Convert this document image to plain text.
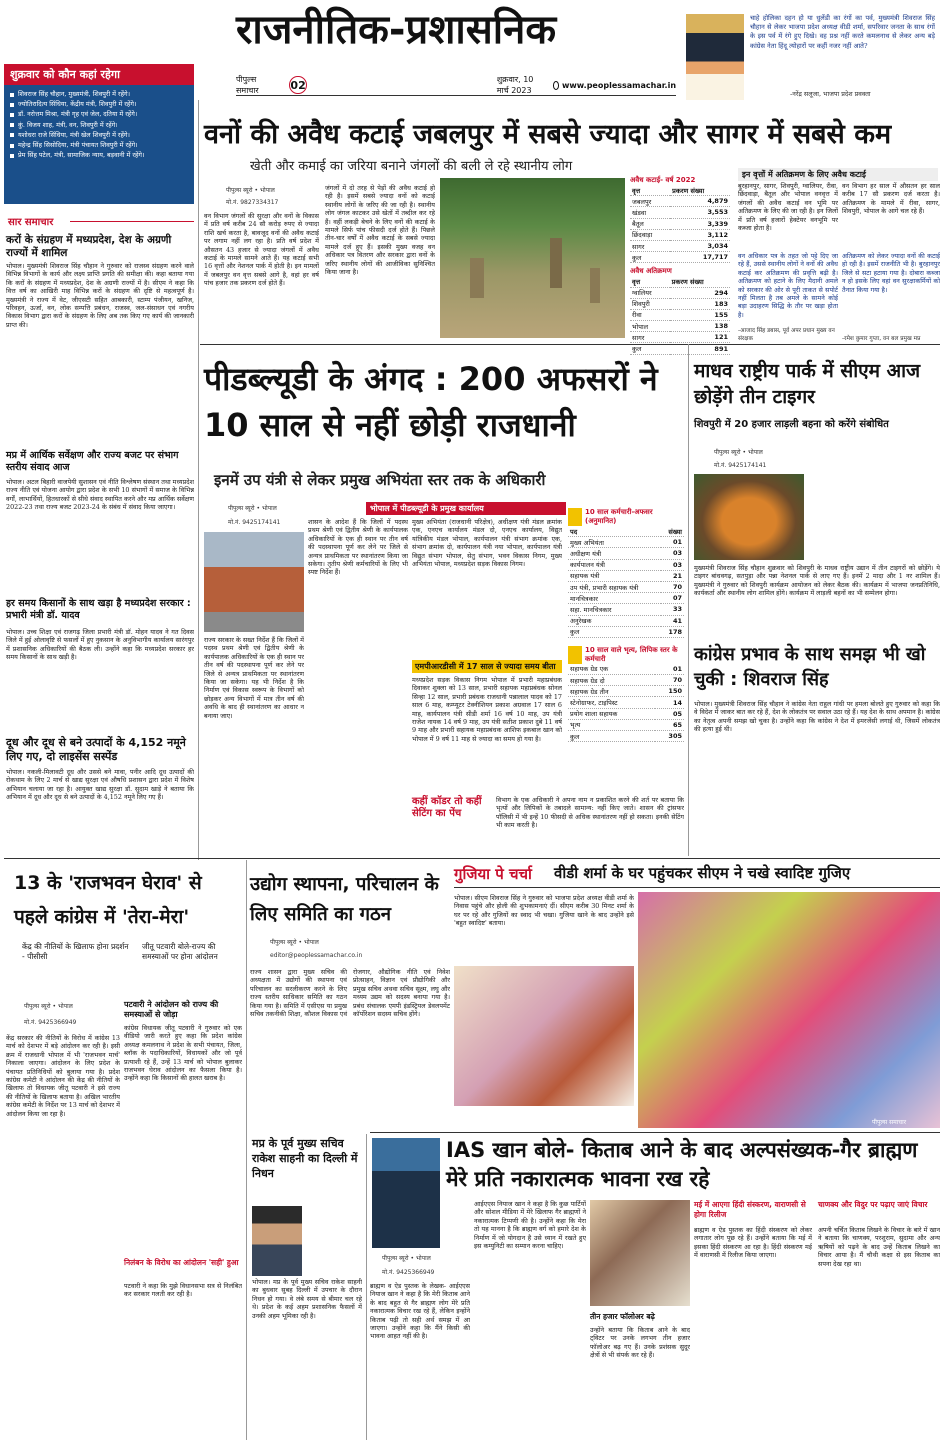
राजनीतिक-प्रशासनिक
पीपुल्स समाचार	02	शुक्रवार, 10 मार्च 2023
www.peoplessamachar.in
चाहे होलिका दहन हो या धुलेंडी का रंगों का पर्व, मुख्यमंत्री शिवराज सिंह चौहान से लेकर भाजपा प्रदेश अध्यक्ष वीडी शर्मा, सपरिवार जनता के साथ रंगों के इस पर्व में रंगे हुए दिखे। वह प्रश्न नहीं करते कमलनाथ से लेकर अन्य बड़े कांग्रेस नेता हिंदू त्योहारों पर कहीं नजर नहीं आते?
-नरेंद्र सलूजा, भाजपा प्रदेश प्रवक्ता
शुक्रवार को कौन कहां रहेगा
शिवराज सिंह चौहान, मुख्यमंत्री, शिवपुरी में रहेंगे।
ज्योतिरादित्य सिंधिया, केंद्रीय मंत्री, शिवपुरी में रहेंगे।
डॉ. नरोत्तम मिश्रा, मंत्री गृह एवं जेल, दतिया में रहेंगे।
कुं. विजय शाह, मंत्री, वन, शिवपुरी में रहेंगे।
यशोधरा राजे सिंधिया, मंत्री खेल शिवपुरी में रहेंगे।
महेन्द्र सिंह सिसोदिया, मंत्री पंचायत शिवपुरी में रहेंगे।
प्रेम सिंह पटेल, मंत्री, सामाजिक न्याय, बड़वानी में रहेंगे।
सार समाचार
करों के संग्रहण में मध्यप्रदेश, देश के अग्रणी राज्यों में शामिल
भोपाल। मुख्यमंत्री शिवराज सिंह चौहान ने गुरुवार को राजस्व संग्रहण करने वाले विभिन्न विभागों के कार्य और लक्ष्य प्राप्ति प्रगति की समीक्षा की। कहा बताया गया कि करों के संग्रहण में मध्यप्रदेश, देश के अग्रणी राज्यों में है। सीएम ने कहा कि वित्त वर्ष का आखिरी माह विभिन्न करों के संग्रहण की दृष्टि से महत्वपूर्ण है। मुख्यमंत्री ने राज्य में वेट, जीएसटी सहित आबकारी, स्टाम्प पंजीयन, खनिज, परिवहन, ऊर्जा, वन, लोक सम्पत्ति प्रबंधन, राजस्व, जल-संसाधन एवं नगरीय विकास विभाग द्वारा करों के संग्रहण के लिए अब तक किए गए कार्य की जानकारी प्राप्त की।
मप्र में आर्थिक सर्वेक्षण और राज्य बजट पर संभाग स्तरीय संवाद आज
भोपाल। अटल बिहारी वाजपेयी सुशासन एवं नीति विश्लेषण संस्थान तथा मध्यप्रदेश राज्य नीति एवं योजना आयोग द्वारा प्रदेश के सभी 10 संभागों में समाज के विभिन्न वर्गों, लाभार्थियों, हितधारकों से सीधे संवाद स्थापित करने और मप्र आर्थिक सर्वेक्षण 2022-23 तथा राज्य बजट 2023-24 के संबंध में संवाद किया जाएगा।
हर समय किसानों के साथ खड़ा है मध्यप्रदेश सरकार : प्रभारी मंत्री डॉ. यादव
भोपाल। उच्च शिक्षा एवं राजगढ़ जिला प्रभारी मंत्री डॉ. मोहन यादव ने गत दिवस जिले में हुई ओलावृष्टि से फसलों में हुए नुकसान के अनुविभागीय कार्यालय सारंगपुर में प्रशासनिक अधिकारियों की बैठक ली। उन्होंने कहा कि मध्यप्रदेश सरकार हर समय किसानों के साथ खड़ी है।
दूध और दूध से बने उत्पादों के 4,152 नमूने लिए गए, दो लाइसेंस सस्पेंड
भोपाल। नकली-मिलावटी दूध और उससे बने मावा, पनीर आदि दूध उत्पादों की रोकथाम के लिए 2 मार्च से खाद्य सुरक्षा एवं औषधि प्रशासन द्वारा प्रदेश में विशेष अभियान चलाया जा रहा है। आयुक्त खाद्य सुरक्षा डॉ. सुदाम खाड़े ने बताया कि अभियान में दूध और दूध से बने उत्पादों के 4,152 नमूने लिए गए हैं।
वनों की अवैध कटाई जबलपुर में सबसे ज्यादा और सागर में सबसे कम
खेती और कमाई का जरिया बनाने जंगलों की बली ले रहे स्थानीय लोग
पीपुल्स ब्यूरो • भोपाल
मो.नं. 9827334317
वन विभाग जंगलों की सुरक्षा और वनों के विकास में प्रति वर्ष करीब 24 सौ करोड़ रुपए से ज्यादा राशि खर्च करता है, बावजूद वनों की अवैध कटाई पर लगाम नहीं लग रहा है। प्रति वर्ष प्रदेश में औसतन 43 हजार से ज्यादा जंगलों में अवैध कटाई के मामले सामने आते हैं। यह कटाई सभी 16 वृत्तों और नेशनल पार्क में होती है। इन मामलों में जबलपुर वन वृत्त सबसे आगे है, वहां हर वर्ष पांच हजार तक प्रकरण दर्ज होते हैं।
जंगलों में दो तरह से पेड़ों की अवैध कटाई हो रही है। इसमें सबसे ज्यादा वनों को कटाई स्थानीय लोगों के जरिए की जा रही है। स्थानीय लोग जंगल काटकर उसे खेतों में तब्दील कर रहे हैं। वहीं लकड़ी बेचने के लिए वनों की कटाई के मामले सिर्फ पांच फीसदी दर्ज होते हैं। पिछले तीन-चार वर्षों में अवैध कटाई के सबसे ज्यादा मामले दर्ज हुए हैं। इसकी मुख्य वजह वन अधिकार पत्र वितरण और सरकार द्वारा वनों के जरिए स्थानीय लोगों की आजीविका सुनिश्चित किया जाना है।
अवैध कटाई- वर्ष 2022
वृत्त	प्रकरण संख्या
जबलपुर	4,879
खंडवा	3,553
बैतूल	3,339
छिंदवाड़ा	3,112
सागर	3,034
कुल	17,717
अवैध अतिक्रमण
वृत्त	प्रकरण संख्या
ग्वालियर	294
शिवपुरी	183
रीवा	155
भोपाल	138
सागर	121
कुल	891
इन वृत्तों में अतिक्रमण के लिए अवैध कटाई
बुरहानपुर, सागर, शिवपुरी, ग्वालियर, रीवा, छिंदवाड़ा, बैतूल और भोपाल वनवृत्त में जंगलों की अवैध कटाई वन भूमि पर अतिक्रमण के लिए की जा रही है। इन जिलों में प्रति वर्ष हजारों हेक्टेयर वनभूमि पर कब्जा होता है।
वन विभाग हर साल में औसतन हर साल करीब 17 सौ प्रकरण दर्ज करता है। अतिक्रमण के मामले में रीवा, सागर, शिवपुरी, भोपाल के आगे चल रहे हैं।
वन अधिकार पत्र के तहत जो पट्टे दिए जा रहे हैं, उससे स्थानीय लोगों ने वनों की अवैध कटाई कर अतिक्रमण की प्रवृत्ति बढ़ी है। अतिक्रमण को हटाने के लिए मैदानी अमले को सरकार की ओर से पूरी ताकत से सपोर्ट नहीं मिलता है तब अमले के सामने कोई बड़ा उदाहरण सिद्धि के तौर पर खड़ा होता है।
-आजाद सिंह डबास, पूर्व अपर प्रधान मुख्य वन संरक्षक
अतिक्रमण को लेकर ज्यादा वनों की कटाई हो रही है। इसमें राजनीति भी है। बुरहानपुर जिले से सटा हटाया गया है। दोबारा कब्जा न हो इसके लिए वहां वन सुरक्षाकर्मियों को तैनात किया गया है।
-रमेश कुमार गुप्ता, वन बल प्रमुख मप्र
पीडब्ल्यूडी के अंगद : 200 अफसरों ने 10 साल से नहीं छोड़ी राजधानी
इनमें उप यंत्री से लेकर प्रमुख अभियंता स्तर तक के अधिकारी
पीपुल्स ब्यूरो • भोपाल
मो.नं. 9425174141
राज्य सरकार के सख्त निर्देश हैं कि जिलों में पदस्थ प्रथम श्रेणी एवं द्वितीय श्रेणी के कार्यपालक अधिकारियों के एक ही स्थान पर तीन वर्ष की पदस्थापना पूर्ण कर लेने पर जिले से अन्यत्र प्राथमिकता पर स्थानांतरण किया जा सकेगा। यह भी निर्देश है कि निर्माण एवं विकास स्वरूप के विभागों को छोड़कर अन्य विभागों में मात्र तीन वर्ष की अवधि के बाद ही स्थानांतरण का आधार न बनाया जाए।
शासन के आदेश हैं कि जिलों में पदस्थ प्रथम श्रेणी एवं द्वितीय श्रेणी के कार्यपालक अधिकारियों के एक ही स्थान पर तीन वर्ष की पदस्थापना पूर्ण कर लेने पर जिले से अन्यत्र प्राथमिकता पर स्थानांतरण किया जा सकेगा। तृतीय श्रेणी कर्मचारियों के लिए भी स्पष्ट निर्देश हैं।
भोपाल में पीडब्ल्यूडी के प्रमुख कार्यालय
मुख्य अभियंता (राजधानी परिक्षेत्र), अधीक्षण यंत्री मंडल क्रमांक एक, एनएच कार्यालय मंडल दो, एनएच कार्यालय, विद्युत यांत्रिकीय मंडल भोपाल, कार्यपालन यंत्री संभाग क्रमांक एक, संभाग क्रमांक दो, कार्यपालन यंत्री नया भोपाल, कार्यपालन यंत्री विद्युत संभाग भोपाल, सेतु संभाग, भवन विकास निगम, मुख्य अभियंता भोपाल, मध्यप्रदेश सड़क विकास निगम।
10 साल कर्मचारी-अफसर (अनुमानित)
पद	संख्या
मुख्य अभियंता	01
अधीक्षण यंत्री	03
कार्यपालन यंत्री	03
सहायक यंत्री	21
उप यंत्री, प्रभारी सहायक यंत्री	70
मानचित्रकार	07
सहा. मानचित्रकार	33
अनुरेखक	41
कुल	178
10 साल वाले भृत्य, लिपिक स्तर के कर्मचारी
सहायक ग्रेड एक	01
सहायक ग्रेड दो	70
सहायक ग्रेड तीन	150
स्टेनोग्राफर, टाइपिस्ट	14
प्रयोग शाला सहायक	05
भृत्य	65
कुल	305
एमपीआरडीसी में 17 साल से ज्यादा समय बीता
मध्यप्रदेश सड़क विकास निगम भोपाल में प्रभारी महाप्रबंधक दिवाकर शुक्ला को 13 साल, प्रभारी सहायक महाप्रबंधक सोनल सिन्हा 12 साल, प्रभारी प्रबंधक राजधानी पन्नालाल यादव को 17 साल 6 माह, कम्प्यूटर टेक्नीशियन प्रकाश अग्रवाल 17 साल 6 माह, कार्यपालन यंत्री सीडी शर्मा 16 वर्ष 10 माह, उप यंत्री राजेश नायक 14 वर्ष 9 माह, उप यंत्री सतीश प्रकाश दुबे 11 वर्ष 9 माह और प्रभारी सहायक महाप्रबंधक आशिफ इकबाल खान को भोपाल में 9 वर्ष 11 माह से ज्यादा का समय हो गया है।
कहीं कॉडर तो कहीं सेटिंग का पेंच
विभाग के एक अधिकारी ने अपना नाम न प्रकाशित करने की शर्त पर बताया कि भृत्यों और लिपिकों के तबादले सामान्य: नहीं किए जाते। शासन की ट्रांसफर पॉलिसी में भी इन्हें 10 फीसदी से अधिक स्थानांतरण नहीं हो सकता। इनकी सेटिंग भी काम करती है।
माधव राष्ट्रीय पार्क में सीएम आज छोड़ेंगे तीन टाइगर
शिवपुरी में 20 हजार लाड़ली बहना को करेंगे संबोधित
पीपुल्स ब्यूरो • भोपाल
मो.नं. 9425174141
मुख्यमंत्री शिवराज सिंह चौहान शुक्रवार को शिवपुरी के माधव राष्ट्रीय उद्यान में तीन टाइगरों को छोड़ेंगे। ये टाइगर बांधवगढ़, सतपुड़ा और पन्ना नेशनल पार्क से लाए गए हैं। इनमें 2 मादा और 1 नर शामिल हैं। मुख्यमंत्री ने गुरुवार को शिवपुरी कार्यक्रम आयोजन को लेकर बैठक की। कार्यक्रम में भाजपा जनप्रतिनिधि, कार्यकर्ता और स्थानीय लोग शामिल होंगे। कार्यक्रम में लाड़ली बहनों का भी सम्मेलन होगा।
कांग्रेस प्रभाव के साथ समझ भी खो चुकी : शिवराज सिंह
भोपाल। मुख्यमंत्री शिवराज सिंह चौहान ने कांग्रेस नेता राहुल गांधी पर हमला बोलते हुए गुरुवार को कहा कि वे विदेश में जाकर बात कर रहे हैं, देश के लोकतंत्र पर सवाल उठा रहे हैं। यह देश के साथ अपमान है। कांग्रेस का नेतृत्व अपनी समझ खो चुका है। उन्होंने कहा कि कांग्रेस ने देश में इमरजेंसी लगाई थी, जिसमें लोकतंत्र की हत्या हुई थी।
13 के 'राजभवन घेराव' से पहले कांग्रेस में 'तेरा-मेरा'
केंद्र की नीतियों के खिलाफ होना प्रदर्शन - पीसीसी
जीतू पटवारी बोले-राज्य की समस्याओं पर होना आंदोलन
पीपुल्स ब्यूरो • भोपाल
मो.नं. 9425366949
केंद्र सरकार की नीतियों के विरोध में कांग्रेस 13 मार्च को देशभर में बड़े आंदोलन कर रही है। इसी क्रम में राजधानी भोपाल में भी 'राजभवन मार्च' निकाला जाएगा। आंदोलन के लिए प्रदेश के पंचायत प्रतिनिधियों को बुलाया गया है। प्रदेश कांग्रेस कमेटी ने आंदोलन की केंद्र की नीतियों के खिलाफ तो विधायक जीतू पटवारी ने इसे राज्य की नीतियों के खिलाफ बताया है। अखिल भारतीय कांग्रेस कमेटी के निर्देश पर 13 मार्च को देशभर में आंदोलन किया जा रहा है।
पटवारी ने आंदोलन को राज्य की समस्याओं से जोड़ा
कांग्रेस विधायक जीतू पटवारी ने गुरुवार को एक वीडियो जारी करते हुए कहा कि प्रदेश कांग्रेस अध्यक्ष कमलनाथ ने प्रदेश के सभी पंचायत, जिला, ब्लॉक के पदाधिकारियों, विधायकों और जो पूर्व प्रत्याशी रहे हैं, उन्हें 13 मार्च को भोपाल बुलाकर राजभवन घेराव आंदोलन का फैसला किया है। उन्होंने कहा कि किसानों की हालत खराब है।
निलंबन के विरोध का आंदोलन 'सही' हुआ
पटवारी ने कहा कि मुझे विधानसभा सत्र से निलंबित कर सरकार गलती कर रही है।
उद्योग स्थापना, परिचालन के लिए समिति का गठन
पीपुल्स ब्यूरो • भोपाल
editor@peoplessamachar.co.in
राज्य शासन द्वारा मुख्य सचिव की अध्यक्षता में उद्योगों की स्थापना एवं परिचालन का सरलीकरण करने के लिए राज्य स्तरीय साधिकार समिति का गठन किया गया है। समिति में एसीएस या प्रमुख सचिव तकनीकी शिक्षा, कौशल विकास एवं रोजगार, औद्योगिक नीति एवं निवेश प्रोत्साहन, विज्ञान एवं प्रौद्योगिकी और प्रमुख सचिव अथवा सचिव सूक्ष्म, लघु और मध्यम उद्यम को सदस्य बनाया गया है। प्रबंध संचालक एमपी इंडस्ट्रियल डेवलपमेंट कॉर्पोरेशन सदस्य सचिव होंगे।
मप्र के पूर्व मुख्य सचिव राकेश साहनी का दिल्ली में निधन
भोपाल। मप्र के पूर्व मुख्य सचिव राकेश साहनी का बुधवार सुबह दिल्ली में उपचार के दौरान निधन हो गया। वे लंबे समय से बीमार चल रहे थे। प्रदेश के कई अहम प्रशासनिक फैसलों में उनकी अहम भूमिका रही है।
गुजिया पे चर्चा वीडी शर्मा के घर पहुंचकर सीएम ने चखे स्वादिष्ट गुजिए
भोपाल। सीएम शिवराज सिंह ने गुरुवार को भाजपा प्रदेश अध्यक्ष वीडी शर्मा के निवास पहुंचे और होली की शुभकामनाएं दीं। सीएम करीब 30 मिनट शर्मा के घर पर रहे और गुजियों का स्वाद भी चखा। गुजिया खाने के बाद उन्होंने इसे 'बहुत स्वादिष्ट' बताया।
पीपुल्स समाचार
IAS खान बोले- किताब आने के बाद अल्पसंख्यक-गैर ब्राह्मण मेरे प्रति नकारात्मक भावना रख रहे
पीपुल्स ब्यूरो • भोपाल
मो.नं. 9425366949
ब्राह्मण व ऐड पुस्तक के लेखक- आईएएस नियाज खान ने कहा है कि मेरी किताब आने के बाद बहुत से गैर ब्राह्मण लोग मेरे प्रति नकारात्मक विचार रख रहे हैं, लेकिन इन्होंने किताब पढ़ी तो सही अर्थ समझ में आ जाएगा। उन्होंने कहा कि मैंने किसी की भावना आहत नहीं की है।
आईएएस नियाज खान ने कहा है कि कुछ पार्टियों और सोशल मीडिया में मेरे खिलाफ गैर ब्राह्मणों ने नकारात्मक टिप्पणी की है। उन्होंने कहा कि मेरा तो यह मानना है कि ब्राह्मण वर्ग को हमारे देश के निर्माण में जो योगदान है उसे ध्यान में रखते हुए इस कम्युनिटी का सम्मान करना चाहिए।
तीन हजार फॉलोअर बढ़े
उन्होंने बताया कि किताब आने के बाद ट्विटर पर उनके लगभग तीन हजार फॉलोअर बढ़ गए हैं। उनके प्रशंसक सुदूर क्षेत्रों से भी संपर्क कर रहे हैं।
मई में आएगा हिंदी संस्करण, वाराणसी से होगा रिलीज
ब्राह्मण व ऐड पुस्तक का हिंदी संस्करण को लेकर लगातार लोग पूछ रहे हैं। उन्होंने बताया कि मई में इसका हिंदी संस्करण आ रहा है। हिंदी संस्करण मई में वाराणसी में रिलीज किया जाएगा।
चाणक्य और विदुर पर पढ़ाए जाएं विचार
अपनी चर्चित किताब लिखने के विचार के बारे में खान ने बताया कि चाणक्य, परशुराम, सुदामा और अन्य ऋषियों को पढ़ने के बाद उन्हें किताब लिखने का विचार आया है। मैं चौथी कक्षा से इस किताब का सपना देख रहा था।
